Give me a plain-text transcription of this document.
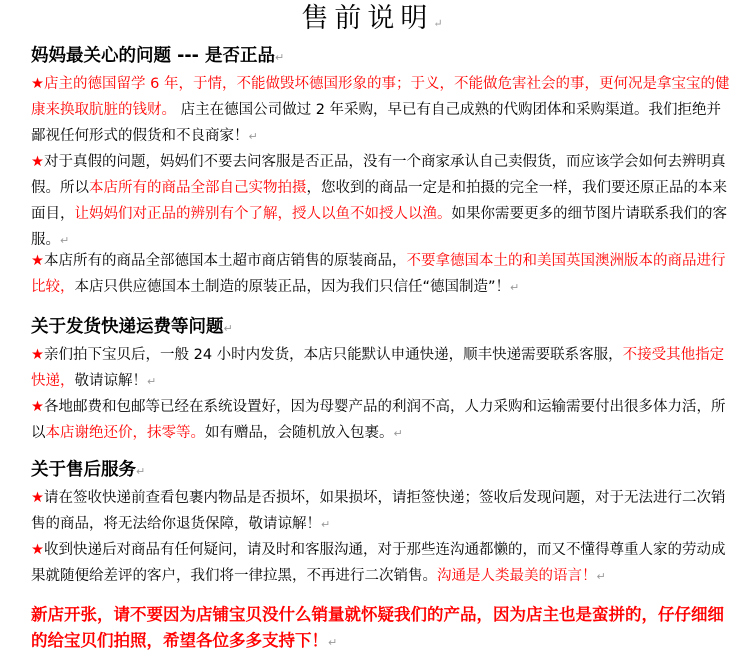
售前说明↵
妈妈最关心的问题 --- 是否正品↵
★店主的德国留学 6 年，于情，不能做毁坏德国形象的事；于义，不能做危害社会的事，更何况是拿宝宝的健康来换取肮脏的钱财。 店主在德国公司做过 2 年采购，早已有自己成熟的代购团体和采购渠道。我们拒绝并鄙视任何形式的假货和不良商家！↵
★对于真假的问题，妈妈们不要去问客服是否正品，没有一个商家承认自己卖假货，而应该学会如何去辨明真假。所以本店所有的商品全部自己实物拍摄，您收到的商品一定是和拍摄的完全一样，我们要还原正品的本来面目，让妈妈们对正品的辨别有个了解，授人以鱼不如授人以渔。如果你需要更多的细节图片请联系我们的客服。↵
★本店所有的商品全部德国本土超市商店销售的原装商品，不要拿德国本土的和美国英国澳洲版本的商品进行比较，本店只供应德国本土制造的原装正品，因为我们只信任“德国制造”！↵
关于发货快递运费等问题↵
★亲们拍下宝贝后，一般 24 小时内发货，本店只能默认申通快递，顺丰快递需要联系客服，不接受其他指定快递，敬请谅解！↵
★各地邮费和包邮等已经在系统设置好，因为母婴产品的利润不高，人力采购和运输需要付出很多体力活，所以本店谢绝还价，抹零等。如有赠品，会随机放入包裹。↵
关于售后服务↵
★请在签收快递前查看包裹内物品是否损坏，如果损坏，请拒签快递；签收后发现问题，对于无法进行二次销售的商品，将无法给你退货保障，敬请谅解！↵
★收到快递后对商品有任何疑问，请及时和客服沟通，对于那些连沟通都懒的，而又不懂得尊重人家的劳动成果就随便给差评的客户，我们将一律拉黑，不再进行二次销售。沟通是人类最美的语言！↵
新店开张，请不要因为店铺宝贝没什么销量就怀疑我们的产品，因为店主也是蛮拼的，仔仔细细的给宝贝们拍照，希望各位多多支持下！↵
